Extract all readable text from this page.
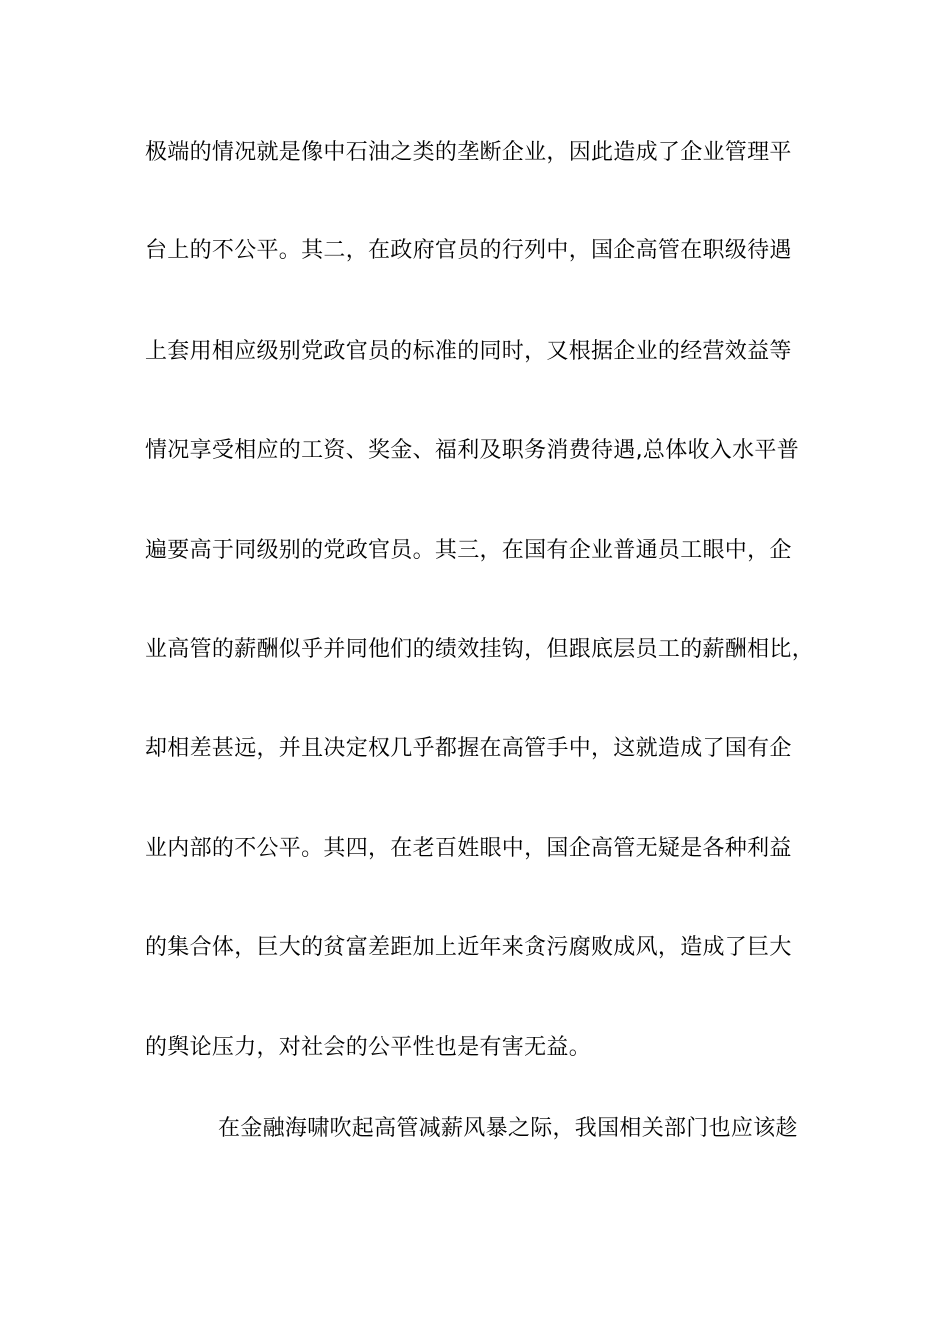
极端的情况就是像中石油之类的垄断企业，因此造成了企业管理平
台上的不公平。其二，在政府官员的行列中，国企高管在职级待遇
上套用相应级别党政官员的标准的同时，又根据企业的经营效益等
情况享受相应的工资、奖金、福利及职务消费待遇,总体收入水平普
遍要高于同级别的党政官员。其三，在国有企业普通员工眼中，企
业高管的薪酬似乎并同他们的绩效挂钩，但跟底层员工的薪酬相比，
却相差甚远，并且决定权几乎都握在高管手中，这就造成了国有企
业内部的不公平。其四，在老百姓眼中，国企高管无疑是各种利益
的集合体，巨大的贫富差距加上近年来贪污腐败成风，造成了巨大
的舆论压力，对社会的公平性也是有害无益。
在金融海啸吹起高管减薪风暴之际，我国相关部门也应该趁
